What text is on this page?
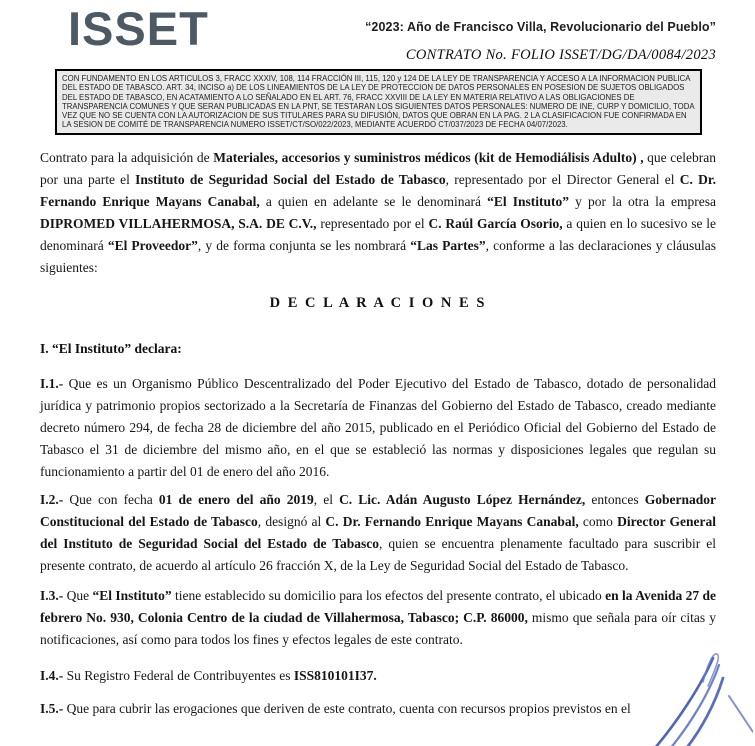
ISSET	“2023: Año de Francisco Villa, Revolucionario del Pueblo”
CONTRATO No. FOLIO ISSET/DG/DA/0084/2023
CON FUNDAMENTO EN LOS ARTICULOS 3, FRACC XXXIV, 108, 114 FRACCIÓN III, 115, 120 y 124 DE LA LEY DE TRANSPARENCIA Y ACCESO A LA INFORMACION PUBLICA DEL ESTADO DE TABASCO. ART. 34, INCISO a) DE LOS LINEAMIENTOS DE LA LEY DE PROTECCION DE DATOS PERSONALES EN POSESION DE SUJETOS OBLIGADOS DEL ESTADO DE TABASCO, EN ACATAMIENTO A LO SEÑALADO EN EL ART. 76, FRACC XXVIII DE LA LEY EN MATERIA RELATIVO A LAS OBLIGACIONES DE TRANSPARENCIA COMUNES Y QUE SERAN PUBLICADAS EN LA PNT, SE TESTARAN LOS SIGUIENTES DATOS PERSONALES: NUMERO DE INE, CURP Y DOMICILIO, TODA VEZ QUE NO SE CUENTA CON LA AUTORIZACION DE SUS TITULARES PARA SU DIFUSIÓN, DATOS QUE OBRAN EN LA PAG. 2 LA CLASIFICACION FUE CONFIRMADA EN LA SESION DE COMITÉ DE TRANSPARENCIA NUMERO ISSET/CT/SO/022/2023, MEDIANTE ACUERDO CT/037/2023 DE FECHA 04/07/2023.

Contrato para la adquisición de Materiales, accesorios y suministros médicos (kit de Hemodiálisis Adulto) , que celebran por una parte el Instituto de Seguridad Social del Estado de Tabasco, representado por el Director General el C. Dr. Fernando Enrique Mayans Canabal, a quien en adelante se le denominará “El Instituto” y por la otra la empresa DIPROMED VILLAHERMOSA, S.A. DE C.V., representado por el C. Raúl García Osorio, a quien en lo sucesivo se le denominará “El Proveedor”, y de forma conjunta se les nombrará “Las Partes”, conforme a las declaraciones y cláusulas siguientes:

D E C L A R A C I O N E S
I. “El Instituto” declara:

I.1.- Que es un Organismo Público Descentralizado del Poder Ejecutivo del Estado de Tabasco, dotado de personalidad jurídica y patrimonio propios sectorizado a la Secretaría de Finanzas del Gobierno del Estado de Tabasco, creado mediante decreto número 294, de fecha 28 de diciembre del año 2015, publicado en el Periódico Oficial del Gobierno del Estado de Tabasco el 31 de diciembre del mismo año, en el que se estableció las normas y disposiciones legales que regulan su funcionamiento a partir del 01 de enero del año 2016.

I.2.- Que con fecha 01 de enero del año 2019, el C. Lic. Adán Augusto López Hernández, entonces Gobernador Constitucional del Estado de Tabasco, designó al C. Dr. Fernando Enrique Mayans Canabal, como Director General del Instituto de Seguridad Social del Estado de Tabasco, quien se encuentra plenamente facultado para suscribir el presente contrato, de acuerdo al artículo 26 fracción X, de la Ley de Seguridad Social del Estado de Tabasco.

I.3.- Que “El Instituto” tiene establecido su domicilio para los efectos del presente contrato, el ubicado en la Avenida 27 de febrero No. 930, Colonia Centro de la ciudad de Villahermosa, Tabasco; C.P. 86000, mismo que señala para oír citas y notificaciones, así como para todos los fines y efectos legales de este contrato.

I.4.- Su Registro Federal de Contribuyentes es ISS810101I37.

I.5.- Que para cubrir las erogaciones que deriven de este contrato, cuenta con recursos propios previstos en el
